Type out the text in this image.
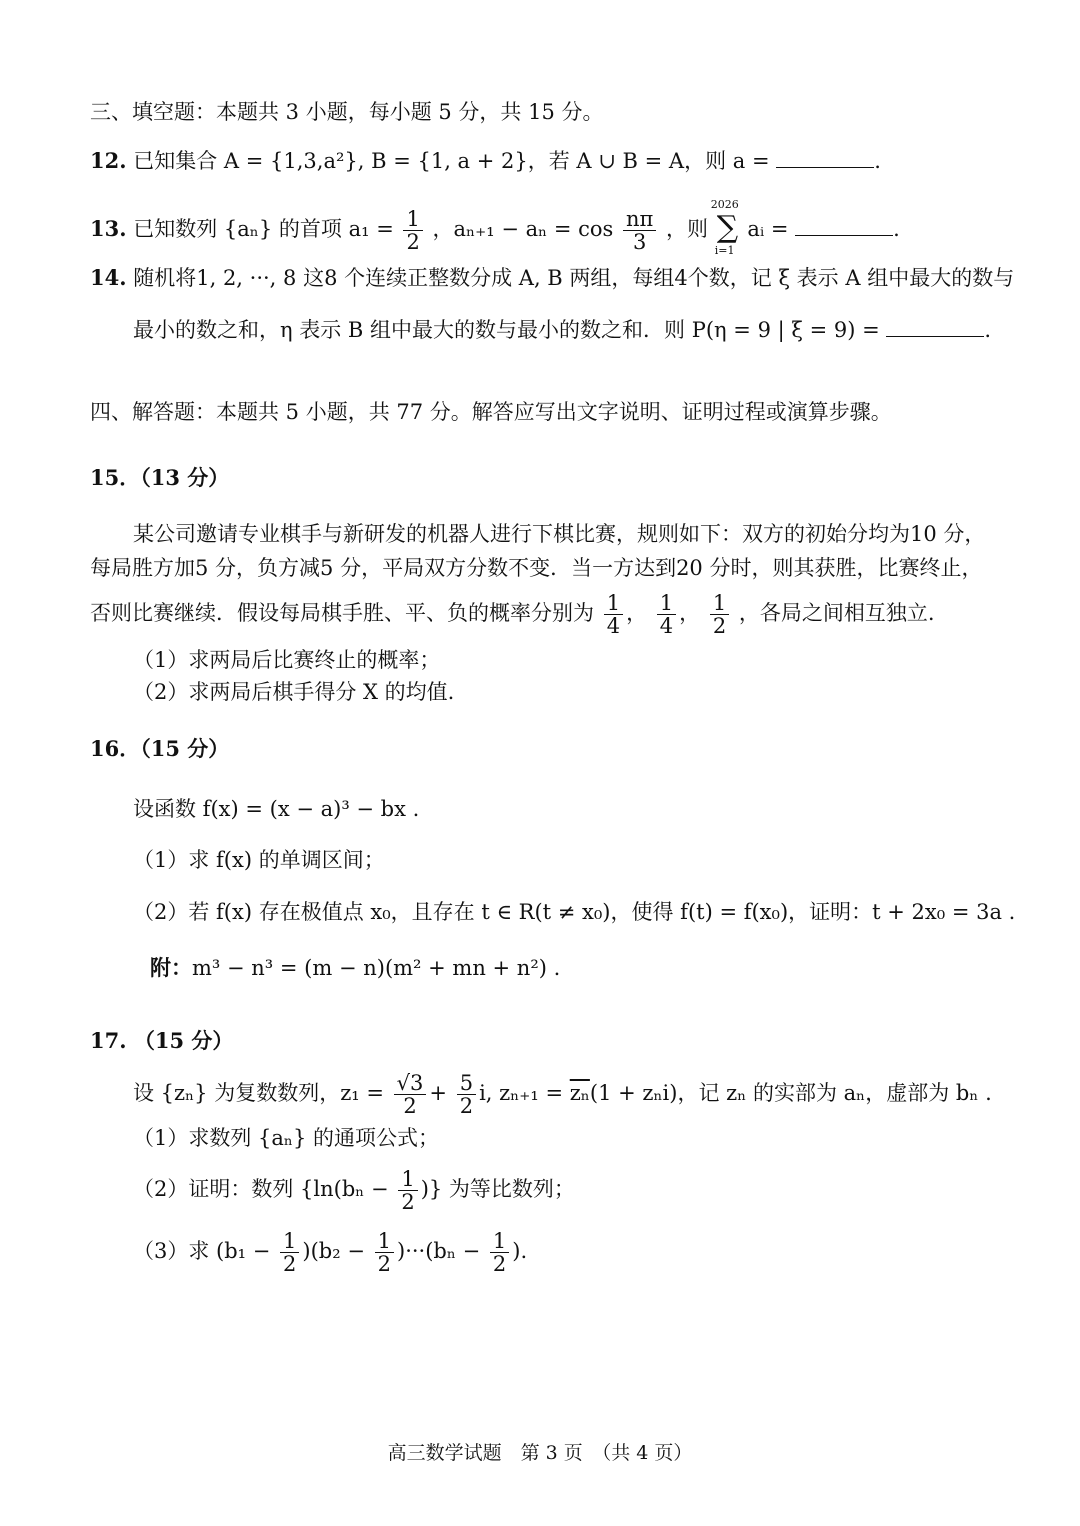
三、填空题：本题共 3 小题，每小题 5 分，共 15 分。
12. 已知集合 A = {1,3,a²}, B = {1, a + 2}，若 A ∪ B = A，则 a =	.
13. 已知数列 {aₙ} 的首项 $a_1 = \frac{1}{2}$ ，$a_{n+1} - a_n = \cos \frac{n\pi}{3}$ ，则
2026
∑
i=1
aᵢ =	.
14. 随机将1, 2, ···, 8 这8 个连续正整数分成 A, B 两组，每组4个数，记 ξ 表示 A 组中最大的数与
最小的数之和，η 表示 B 组中最大的数与最小的数之和．则 P(η = 9 | ξ = 9) =	.
四、解答题：本题共 5 小题，共 77 分。解答应写出文字说明、证明过程或演算步骤。
15．（13 分）
某公司邀请专业棋手与新研发的机器人进行下棋比赛，规则如下：双方的初始分均为10 分，
每局胜方加5 分，负方减5 分，平局双方分数不变．当一方达到20 分时，则其获胜，比赛终止，
否则比赛继续．假设每局棋手胜、平、负的概率分别为 $\frac{1}{4}$ ， $\frac{1}{4}$ ， $\frac{1}{2}$ ，各局之间相互独立.
（1）求两局后比赛终止的概率；
（2）求两局后棋手得分 X 的均值.
16．（15 分）
设函数 f(x) = (x − a)³ − bx .
（1）求 f(x) 的单调区间；
（2）若 f(x) 存在极值点 x₀，且存在 t ∈ R(t ≠ x₀)，使得 f(t) = f(x₀)，证明：t + 2x₀ = 3a .
附：m³ − n³ = (m − n)(m² + mn + n²) .
17. （15 分）
设 {zₙ} 为复数数列，$z_1 = \frac{√3}{2} + \frac{5}{2} i$, $z_{n+1} = \overline{z_n}(1 + z_ni)$，记 zₙ 的实部为 aₙ，虚部为 bₙ .
（1）求数列 {aₙ} 的通项公式；
（2）证明：数列 {$\ln(b_n - \frac{1}{2}$ )} 为等比数列；
（3）求 $(b_1 - \frac{1}{2} )(b_2 - \frac{1}{2} )\cdot\cdot\cdot(b_n - \frac{1}{2}$ ).
高三数学试题　第 3 页　（共 4 页）
